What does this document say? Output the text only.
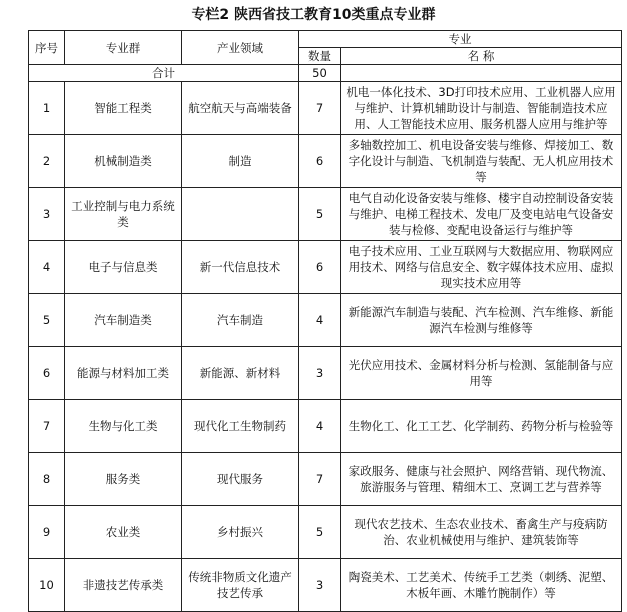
专栏2 陕西省技工教育10类重点专业群
序号	专业群	产业领域	专业	
			数量	名 称
合计			50	
1	智能工程类	航空航天与高端装备	7	机电一体化技术、3D打印技术应用、工业机器人应用与维护、计算机辅助设计与制造、智能制造技术应用、人工智能技术应用、服务机器人应用与维护等
2	机械制造类	制造	6	多轴数控加工、机电设备安装与维修、焊接加工、数字化设计与制造、飞机制造与装配、无人机应用技术等
3	工业控制与电力系统类		5	电气自动化设备安装与维修、楼宇自动控制设备安装与维护、电梯工程技术、发电厂及变电站电气设备安装与检修、变配电设备运行与维护等
4	电子与信息类	新一代信息技术	6	电子技术应用、工业互联网与大数据应用、物联网应用技术、网络与信息安全、数字媒体技术应用、虚拟现实技术应用等
5	汽车制造类	汽车制造	4	新能源汽车制造与装配、汽车检测、汽车维修、新能源汽车检测与维修等
6	能源与材料加工类	新能源、新材料	3	光伏应用技术、金属材料分析与检测、氢能制备与应用等
7	生物与化工类	现代化工生物制药	4	生物化工、化工工艺、化学制药、药物分析与检验等
8	服务类	现代服务	7	家政服务、健康与社会照护、网络营销、现代物流、旅游服务与管理、精细木工、烹调工艺与营养等
9	农业类	乡村振兴	5	现代农艺技术、生态农业技术、畜禽生产与疫病防治、农业机械使用与维护、建筑装饰等
10	非遗技艺传承类	传统非物质文化遗产技艺传承	3	陶瓷美术、工艺美术、传统手工艺类（刺绣、泥塑、木板年画、木雕竹腕制作）等
